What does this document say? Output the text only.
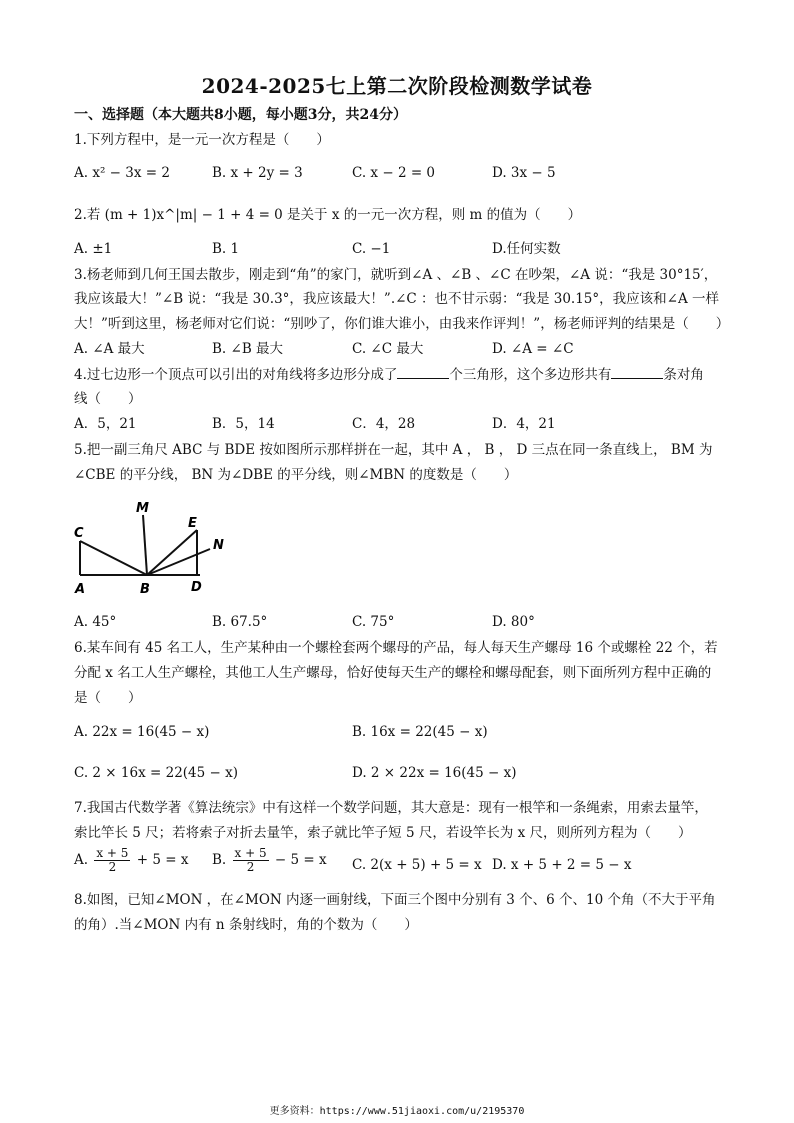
2024-2025七上第二次阶段检测数学试卷
一、选择题（本大题共8小题，每小题3分，共24分）
1.下列方程中，是一元一次方程是（　　）
A. x² − 3x = 2	B. x + 2y = 3	C. x − 2 = 0	D. 3x − 5
2.若 (m + 1)x^|m| − 1 + 4 = 0 是关于 x 的一元一次方程，则 m 的值为（　　）
A. ±1	B. 1	C. −1	D.任何实数
3.杨老师到几何王国去散步，刚走到“角”的家门，就听到∠A 、∠B 、∠C 在吵架，∠A 说：“我是 30°15′，
我应该最大！”∠B 说：“我是 30.3°，我应该最大！”.∠C ：也不甘示弱：“我是 30.15°，我应该和∠A 一样
大！”听到这里，杨老师对它们说：“别吵了，你们谁大谁小，由我来作评判！”，杨老师评判的结果是（　　）
A. ∠A 最大	B. ∠B 最大	C. ∠C 最大	D. ∠A = ∠C
4.过七边形一个顶点可以引出的对角线将多边形分成了	个三角形，这个多边形共有	条对角
线（　　）
A．5，21	B．5，14	C．4，28	D．4，21
5.把一副三角尺 ABC 与 BDE 按如图所示那样拼在一起，其中 A ， B ， D 三点在同一条直线上， BM 为
∠CBE 的平分线， BN 为∠DBE 的平分线，则∠MBN 的度数是（　　）
C
M
E
N
A	B	D
A. 45°	B. 67.5°	C. 75°	D. 80°
6.某车间有 45 名工人，生产某种由一个螺栓套两个螺母的产品，每人每天生产螺母 16 个或螺栓 22 个，若
分配 x 名工人生产螺栓，其他工人生产螺母，恰好使每天生产的螺栓和螺母配套，则下面所列方程中正确的
是（　　）
A. 22x = 16(45 − x)	B. 16x = 22(45 − x)
C. 2 × 16x = 22(45 − x)	D. 2 × 22x = 16(45 − x)
7.我国古代数学著《算法统宗》中有这样一个数学问题，其大意是：现有一根竿和一条绳索，用索去量竿，
索比竿长 5 尺；若将索子对折去量竿，索子就比竿子短 5 尺，若设竿长为 x 尺，则所列方程为（　　）
A. $\frac{x + 5}{2} + 5 = x$ B. $\frac{x + 5}{2} - 5 = x$ C. 2(x + 5) + 5 = x D. x + 5 + 2 = 5 − x
8.如图，已知∠MON ，在∠MON 内逐一画射线，下面三个图中分别有 3 个、6 个、10 个角（不大于平角
的角）.当∠MON 内有 n 条射线时，角的个数为（　　）
更多资料：https://www.51jiaoxi.com/u/2195370
